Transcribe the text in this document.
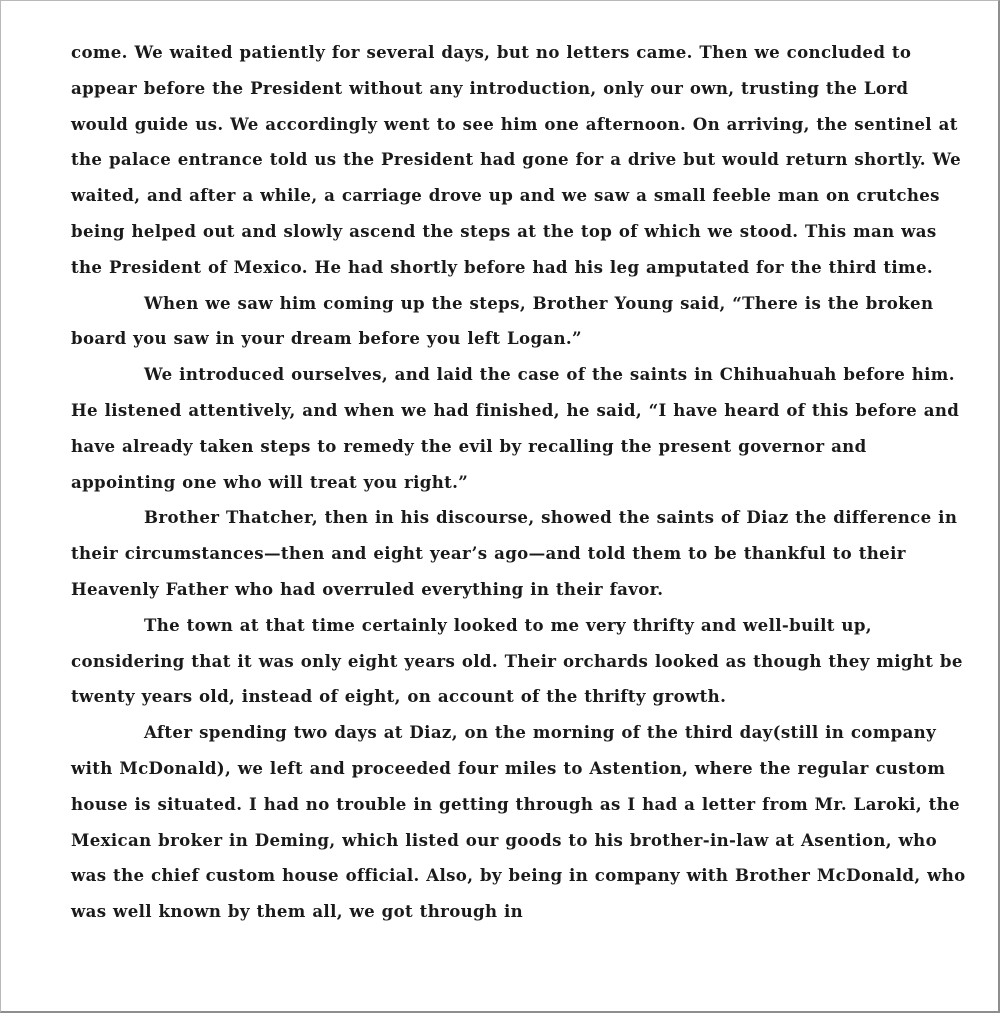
come. We waited patiently for several days, but no letters came. Then we concluded to appear before the President without any introduction, only our own, trusting the Lord would guide us. We accordingly went to see him one afternoon. On arriving, the sentinel at the palace entrance told us the President had gone for a drive but would return shortly. We waited, and after a while, a carriage drove up and we saw a small feeble man on crutches being helped out and slowly ascend the steps at the top of which we stood. This man was the President of Mexico. He had shortly before had his leg amputated for the third time.

When we saw him coming up the steps, Brother Young said, “There is the broken board you saw in your dream before you left Logan.”

We introduced ourselves, and laid the case of the saints in Chihuahuah before him. He listened attentively, and when we had finished, he said, “I have heard of this before and have already taken steps to remedy the evil by recalling the present governor and appointing one who will treat you right.”

Brother Thatcher, then in his discourse, showed the saints of Diaz the difference in their circumstances—then and eight year’s ago—and told them to be thankful to their Heavenly Father who had overruled everything in their favor.

The town at that time certainly looked to me very thrifty and well-built up, considering that it was only eight years old. Their orchards looked as though they might be twenty years old, instead of eight, on account of the thrifty growth.

After spending two days at Diaz, on the morning of the third day(still in company with McDonald), we left and proceeded four miles to Astention, where the regular custom house is situated. I had no trouble in getting through as I had a letter from Mr. Laroki, the Mexican broker in Deming, which listed our goods to his brother-in-law at Asention, who was the chief custom house official. Also, by being in company with Brother McDonald, who was well known by them all, we got through in
